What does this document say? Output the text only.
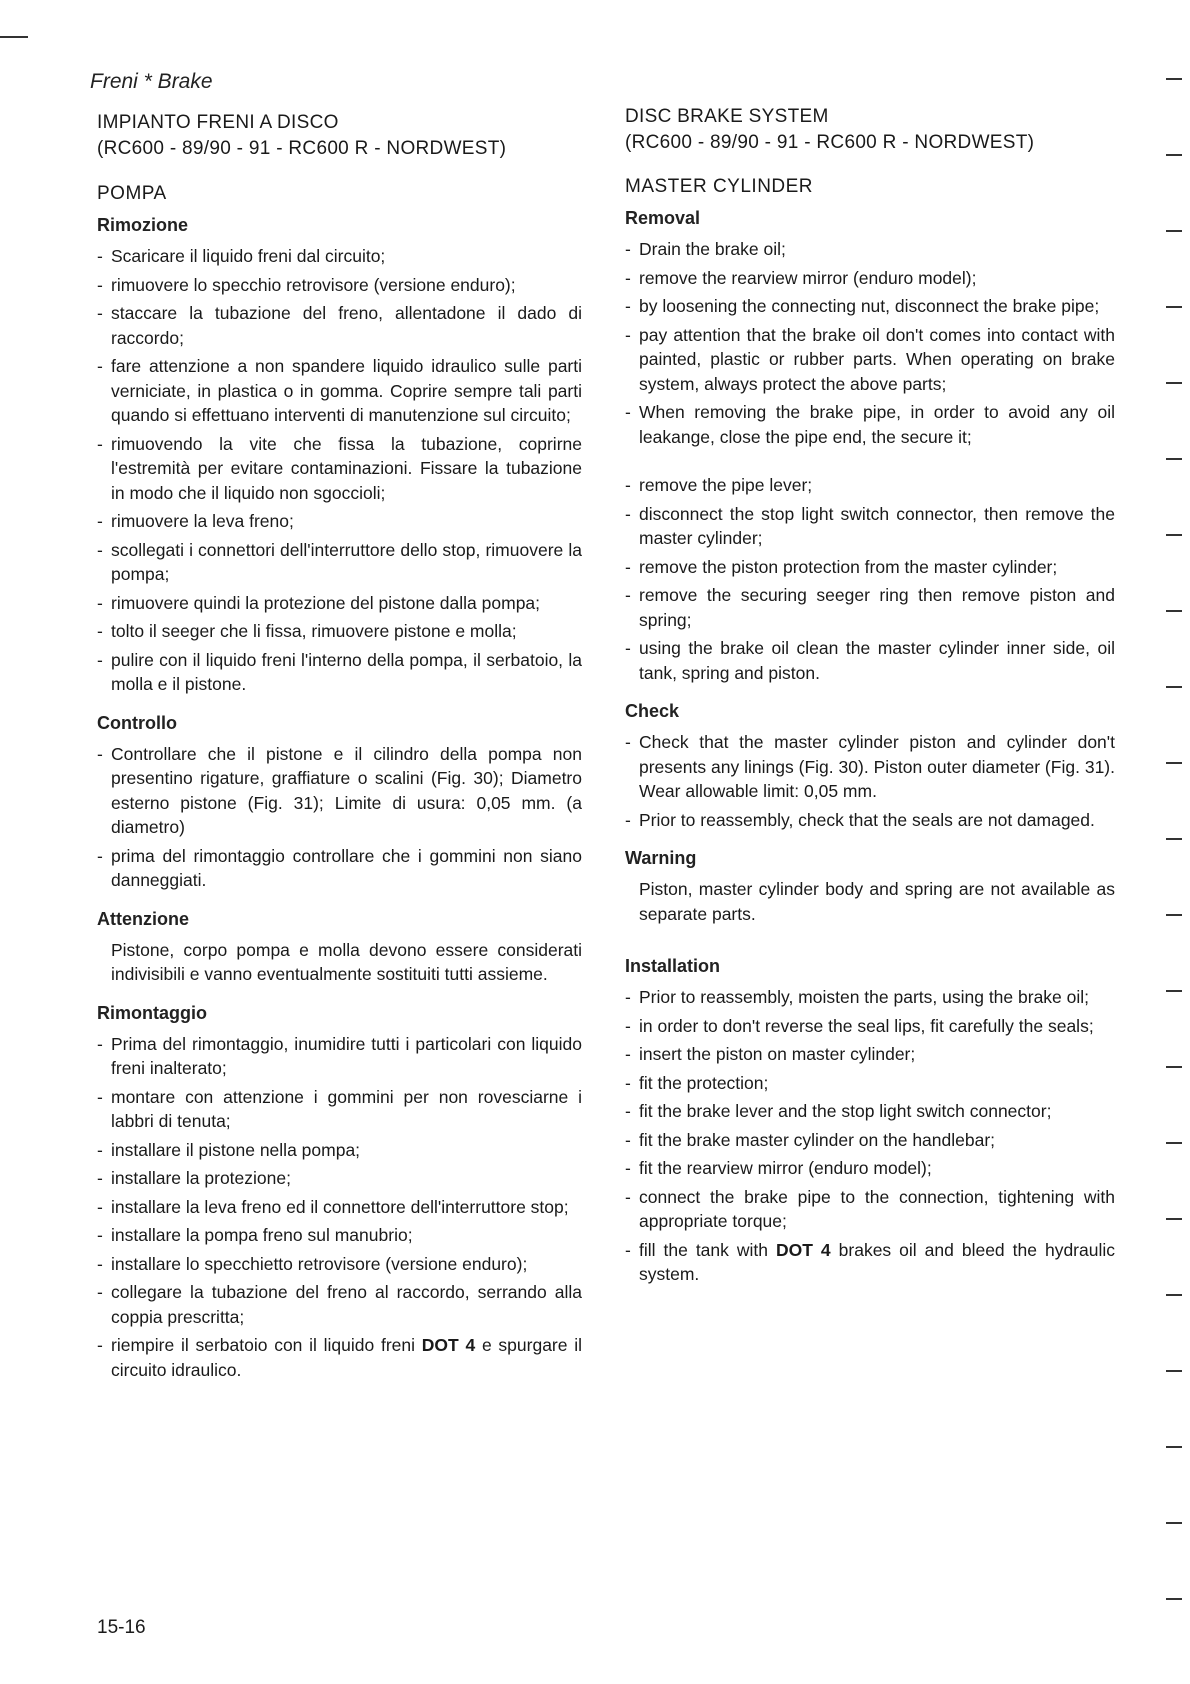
Freni * Brake
IMPIANTO FRENI A DISCO
(RC600 - 89/90 - 91 - RC600 R - NORDWEST)
DISC BRAKE SYSTEM
(RC600 - 89/90 - 91 - RC600 R - NORDWEST)
POMPA
Rimozione
- Scaricare il liquido freni dal circuito;
- rimuovere lo specchio retrovisore (versione enduro);
- staccare la tubazione del freno, allentadone il dado di raccordo;
- fare attenzione a non spandere liquido idraulico sulle parti verniciate, in plastica o in gomma. Coprire sempre tali parti quando si effettuano interventi di manutenzione sul circuito;
- rimuovendo la vite che fissa la tubazione, coprirne l'estremità per evitare contaminazioni. Fissare la tubazione in modo che il liquido non sgoccioli;
- rimuovere la leva freno;
- scollegati i connettori dell'interruttore dello stop, rimuovere la pompa;
- rimuovere quindi la protezione del pistone dalla pompa;
- tolto il seeger che li fissa, rimuovere pistone e molla;
- pulire con il liquido freni l'interno della pompa, il serbatoio, la molla e il pistone.
Controllo
- Controllare che il pistone e il cilindro della pompa non presentino rigature, graffiature o scalini (Fig. 30); Diametro esterno pistone (Fig. 31); Limite di usura: 0,05 mm. (a diametro)
- prima del rimontaggio controllare che i gommini non siano danneggiati.
Attenzione

Pistone, corpo pompa e molla devono essere considerati indivisibili e vanno eventualmente sostituiti tutti assieme.

Rimontaggio
- Prima del rimontaggio, inumidire tutti i particolari con liquido freni inalterato;
- montare con attenzione i gommini per non rovesciarne i labbri di tenuta;
- installare il pistone nella pompa;
- installare la protezione;
- installare la leva freno ed il connettore dell'interruttore stop;
- installare la pompa freno sul manubrio;
- installare lo specchietto retrovisore (versione enduro);
- collegare la tubazione del freno al raccordo, serrando alla coppia prescritta;
- riempire il serbatoio con il liquido freni DOT 4 e spurgare il circuito idraulico.
MASTER CYLINDER
Removal
- Drain the brake oil;
- remove the rearview mirror (enduro model);
- by loosening the connecting nut, disconnect the brake pipe;
- pay attention that the brake oil don't comes into contact with painted, plastic or rubber parts. When operating on brake system, always protect the above parts;
- When removing the brake pipe, in order to avoid any oil leakange, close the pipe end, the secure it;
- remove the pipe lever;
- disconnect the stop light switch connector, then remove the master cylinder;
- remove the piston protection from the master cylinder;
- remove the securing seeger ring then remove piston and spring;
- using the brake oil clean the master cylinder inner side, oil tank, spring and piston.
Check
- Check that the master cylinder piston and cylinder don't presents any linings (Fig. 30). Piston outer diameter (Fig. 31). Wear allowable limit: 0,05 mm.
- Prior to reassembly, check that the seals are not damaged.
Warning

Piston, master cylinder body and spring are not available as separate parts.

Installation
- Prior to reassembly, moisten the parts, using the brake oil;
- in order to don't reverse the seal lips, fit carefully the seals;
- insert the piston on master cylinder;
- fit the protection;
- fit the brake lever and the stop light switch connector;
- fit the brake master cylinder on the handlebar;
- fit the rearview mirror (enduro model);
- connect the brake pipe to the connection, tightening with appropriate torque;
- fill the tank with DOT 4 brakes oil and bleed the hydraulic system.
15-16
